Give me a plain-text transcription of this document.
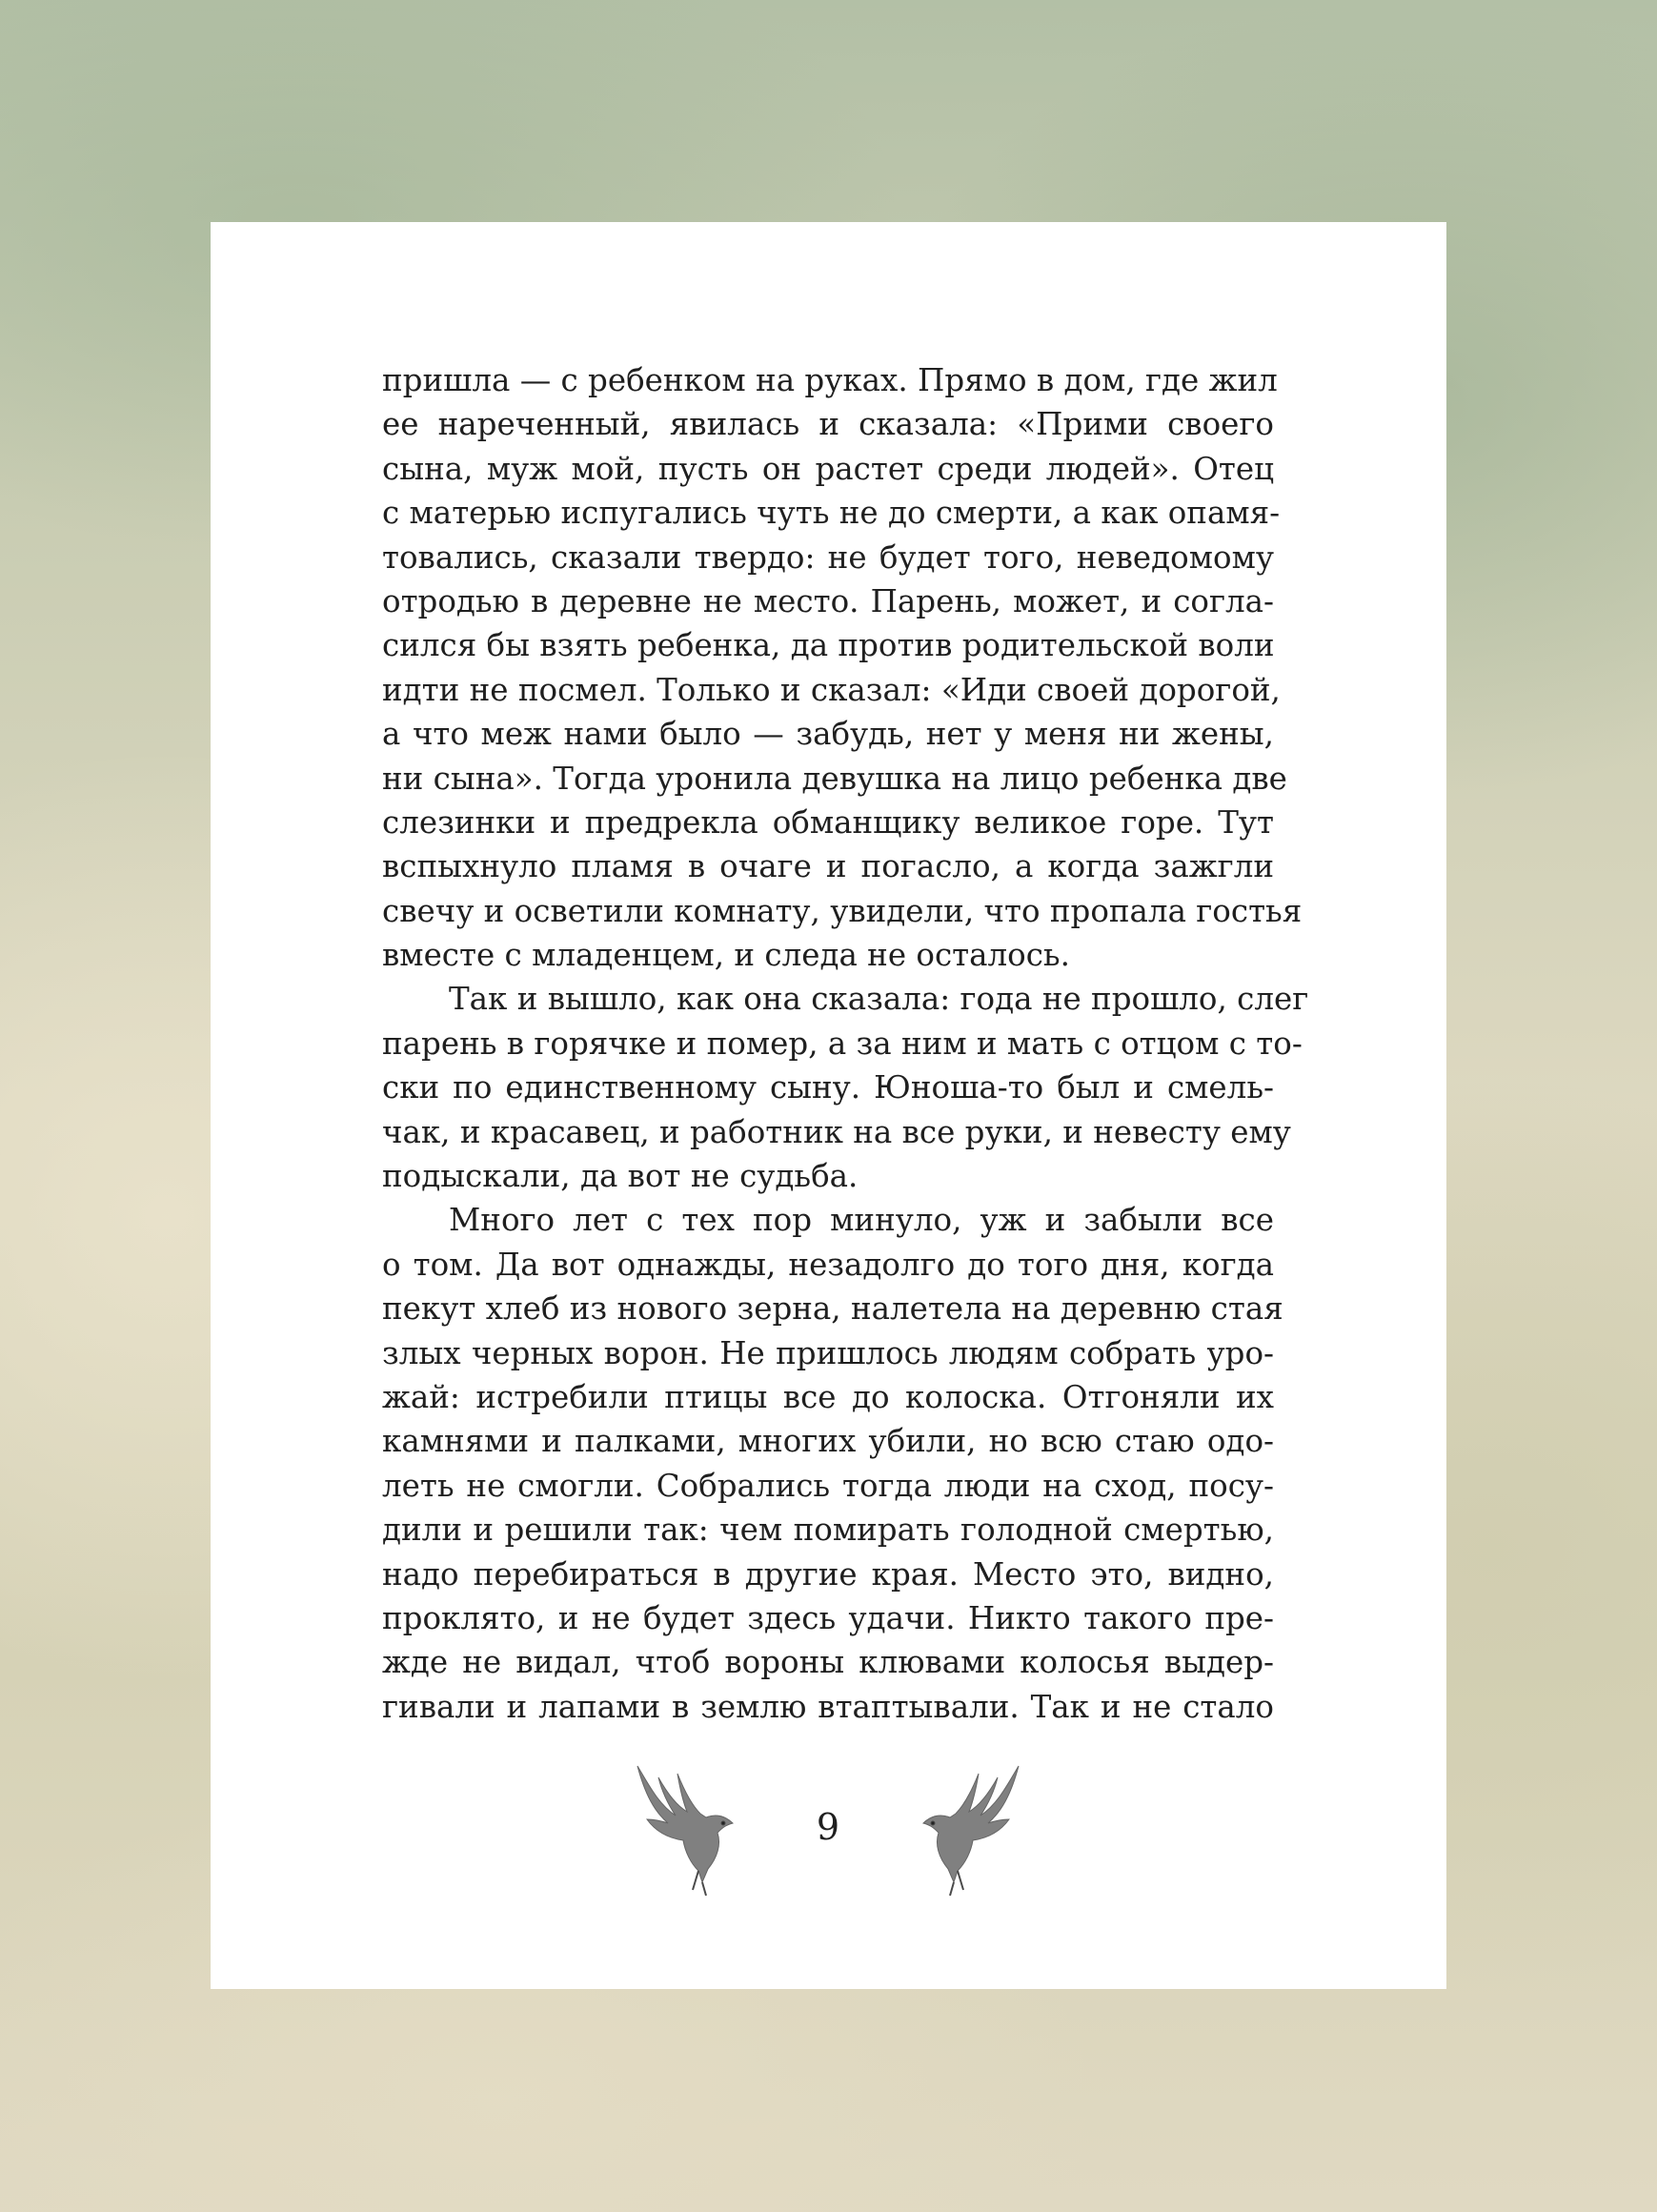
пришла — с ребенком на руках. Прямо в дом, где жил
ее нареченный, явилась и сказала: «Прими своего
сына, муж мой, пусть он растет среди людей». Отец
с матерью испугались чуть не до смерти, а как опамя-
товались, сказали твердо: не будет того, неведомому
отродью в деревне не место. Парень, может, и согла-
сился бы взять ребенка, да против родительской воли
идти не посмел. Только и сказал: «Иди своей дорогой,
а что меж нами было — забудь, нет у меня ни жены,
ни сына». Тогда уронила девушка на лицо ребенка две
слезинки и предрекла обманщику великое горе. Тут
вспыхнуло пламя в очаге и погасло, а когда зажгли
свечу и осветили комнату, увидели, что пропала гостья
вместе с младенцем, и следа не осталось.
Так и вышло, как она сказала: года не прошло, слег
парень в горячке и помер, а за ним и мать с отцом с то-
ски по единственному сыну. Юноша-то был и смель-
чак, и красавец, и работник на все руки, и невесту ему
подыскали, да вот не судьба.
Много лет с тех пор минуло, уж и забыли все
о том. Да вот однажды, незадолго до того дня, когда
пекут хлеб из нового зерна, налетела на деревню стая
злых черных ворон. Не пришлось людям собрать уро-
жай: истребили птицы все до колоска. Отгоняли их
камнями и палками, многих убили, но всю стаю одо-
леть не смогли. Собрались тогда люди на сход, посу-
дили и решили так: чем помирать голодной смертью,
надо перебираться в другие края. Место это, видно,
проклято, и не будет здесь удачи. Никто такого пре-
жде не видал, чтоб вороны клювами колосья выдер-
гивали и лапами в землю втаптывали. Так и не стало
9
